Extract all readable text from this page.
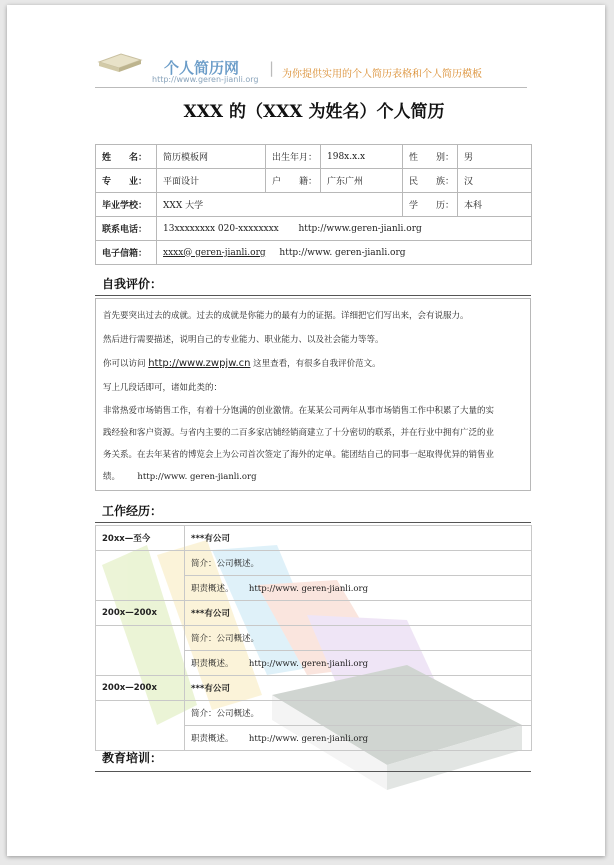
个人简历网
http://www.geren-jianli.org
| 为你提供实用的个人简历表格和个人简历模板
XXX 的（XXX 为姓名）个人简历
姓　　名：	简历模板网	出生年月：	198x.x.x	性　　别：	男
专　　业：	平面设计	户　　籍：	广东广州	民　　族：	汉
毕业学校：	XXX 大学			学　　历：	本科
联系电话：	13xxxxxxxx 020-xxxxxxxx http://www.geren-jianli.org				
电子信箱：	xxxx@ geren-jianli.org http://www. geren-jianli.org				
自我评价：

首先要突出过去的成就。过去的成就是你能力的最有力的证据。详细把它们写出来，会有说服力。

然后进行需要描述，说明自己的专业能力、职业能力、以及社会能力等等。

你可以访问 http://www.zwpjw.cn 这里查看，有很多自我评价范文。

写上几段话即可，诸如此类的：

非常热爱市场销售工作，有着十分饱满的创业激情。在某某公司两年从事市场销售工作中积累了大量的实

践经验和客户资源。与省内主要的二百多家店铺经销商建立了十分密切的联系，并在行业中拥有广泛的业

务关系。在去年某省的博览会上为公司首次签定了海外的定单。能团结自己的同事一起取得优异的销售业

绩。 http://www. geren-jianli.org

工作经历：
20xx—至今	***有公司
	简介：公司概述。
	职责概述。 http://www. geren-jianli.org
200x—200x	***有公司
	简介：公司概述。
	职责概述。 http://www. geren-jianli.org
200x—200x	***有公司
	简介：公司概述。
	职责概述。 http://www. geren-jianli.org
教育培训：
